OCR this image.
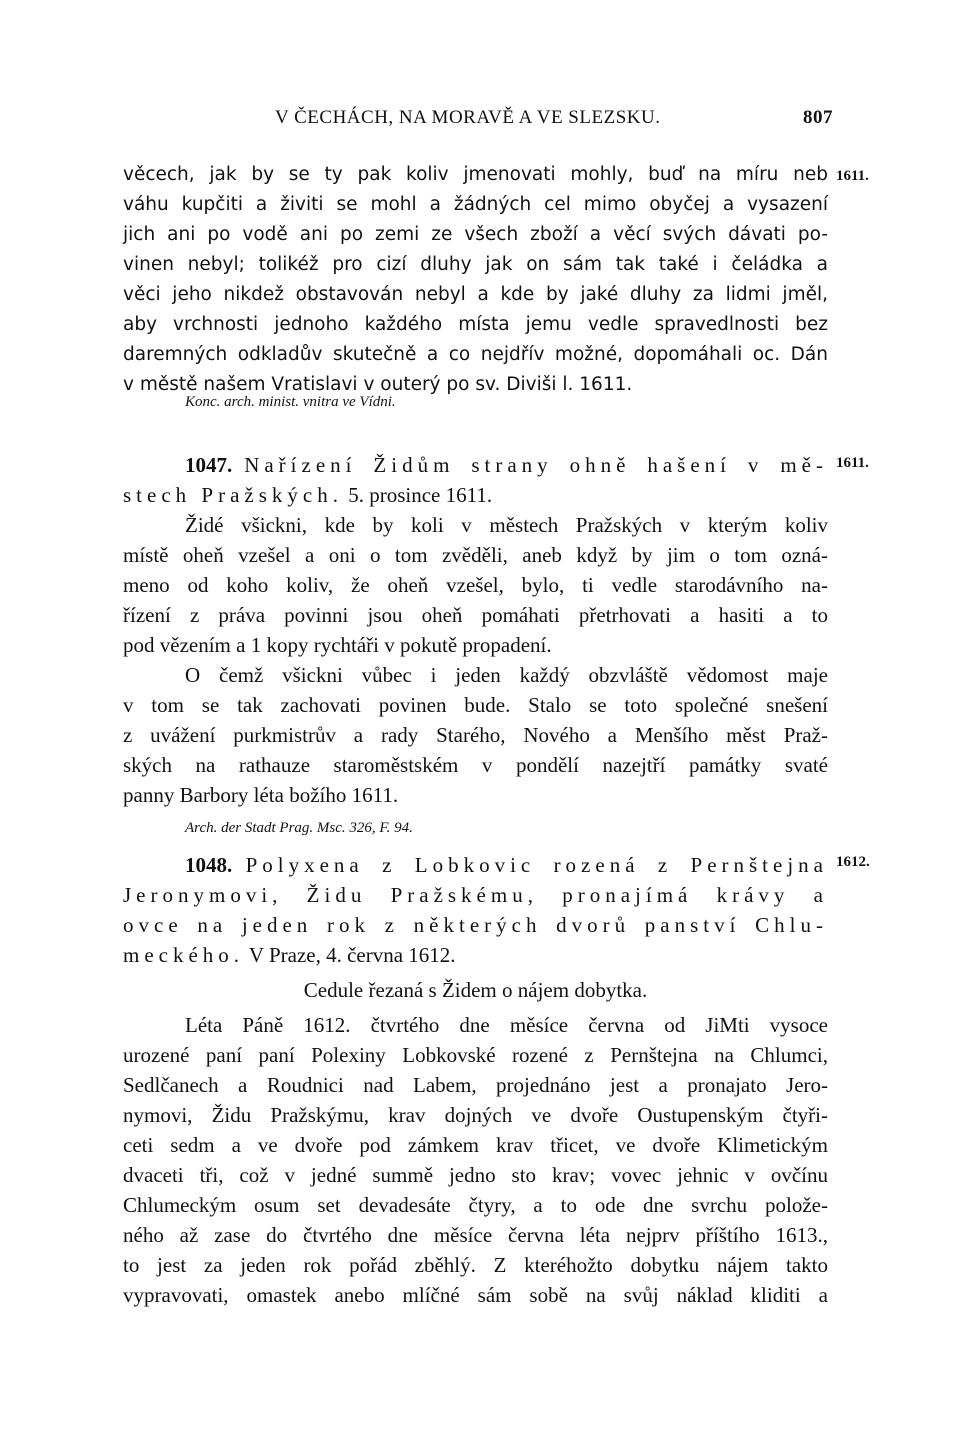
V ČECHÁCH, NA MORAVĚ A VE SLEZSKU.	807
1611.
1611.
1612.
věcech, jak by se ty pak koliv jmenovati mohly, buď na míru neb
váhu kupčiti a živiti se mohl a žádných cel mimo obyčej a vysazení
jich ani po vodě ani po zemi ze všech zboží a věcí svých dávati po-
vinen nebyl; tolikéž pro cizí dluhy jak on sám tak také i čeládka a
věci jeho nikdež obstavován nebyl a kde by jaké dluhy za lidmi jměl,
aby vrchnosti jednoho každého místa jemu vedle spravedlnosti bez
daremných odkladův skutečně a co nejdřív možné, dopomáhali oc. Dán
v městě našem Vratislavi v outerý po sv. Diviši l. 1611.
Konc. arch. minist. vnitra ve Vídni.
1047. Nařízení Židům strany ohně hašení v mě-
stech Pražských. 5. prosince 1611.
Židé všickni, kde by koli v městech Pražských v kterým koliv
místě oheň vzešel a oni o tom zvěděli, aneb když by jim o tom ozná-
meno od koho koliv, že oheň vzešel, bylo, ti vedle starodávního na-
řízení z práva povinni jsou oheň pomáhati přetrhovati a hasiti a to
pod vězením a 1 kopy rychtáři v pokutě propadení.
O čemž všickni vůbec i jeden každý obzvláště vědomost maje
v tom se tak zachovati povinen bude. Stalo se toto společné snešení
z uvážení purkmistrův a rady Starého, Nového a Menšího měst Praž-
ských na rathauze staroměstském v pondělí nazejtří památky svaté
panny Barbory léta božího 1611.
Arch. der Stadt Prag. Msc. 326, F. 94.
1048. Polyxena z Lobkovic rozená z Pernštejna
Jeronymovi, Židu Pražskému, pronajímá krávy a
ovce na jeden rok z některých dvorů panství Chlu-
meckého. V Praze, 4. června 1612.
Cedule řezaná s Židem o nájem dobytka.
Léta Páně 1612. čtvrtého dne měsíce června od JiMti vysoce
urozené paní paní Polexiny Lobkovské rozené z Pernštejna na Chlumci,
Sedlčanech a Roudnici nad Labem, projednáno jest a pronajato Jero-
nymovi, Židu Pražskýmu, krav dojných ve dvoře Oustupenským čtyři-
ceti sedm a ve dvoře pod zámkem krav třicet, ve dvoře Klimetickým
dvaceti tři, což v jedné summě jedno sto krav; vovec jehnic v ovčínu
Chlumeckým osum set devadesáte čtyry, a to ode dne svrchu polože-
ného až zase do čtvrtého dne měsíce června léta nejprv příštího 1613.,
to jest za jeden rok pořád zběhlý. Z kteréhožto dobytku nájem takto
vypravovati, omastek anebo mlíčné sám sobě na svůj náklad kliditi a
